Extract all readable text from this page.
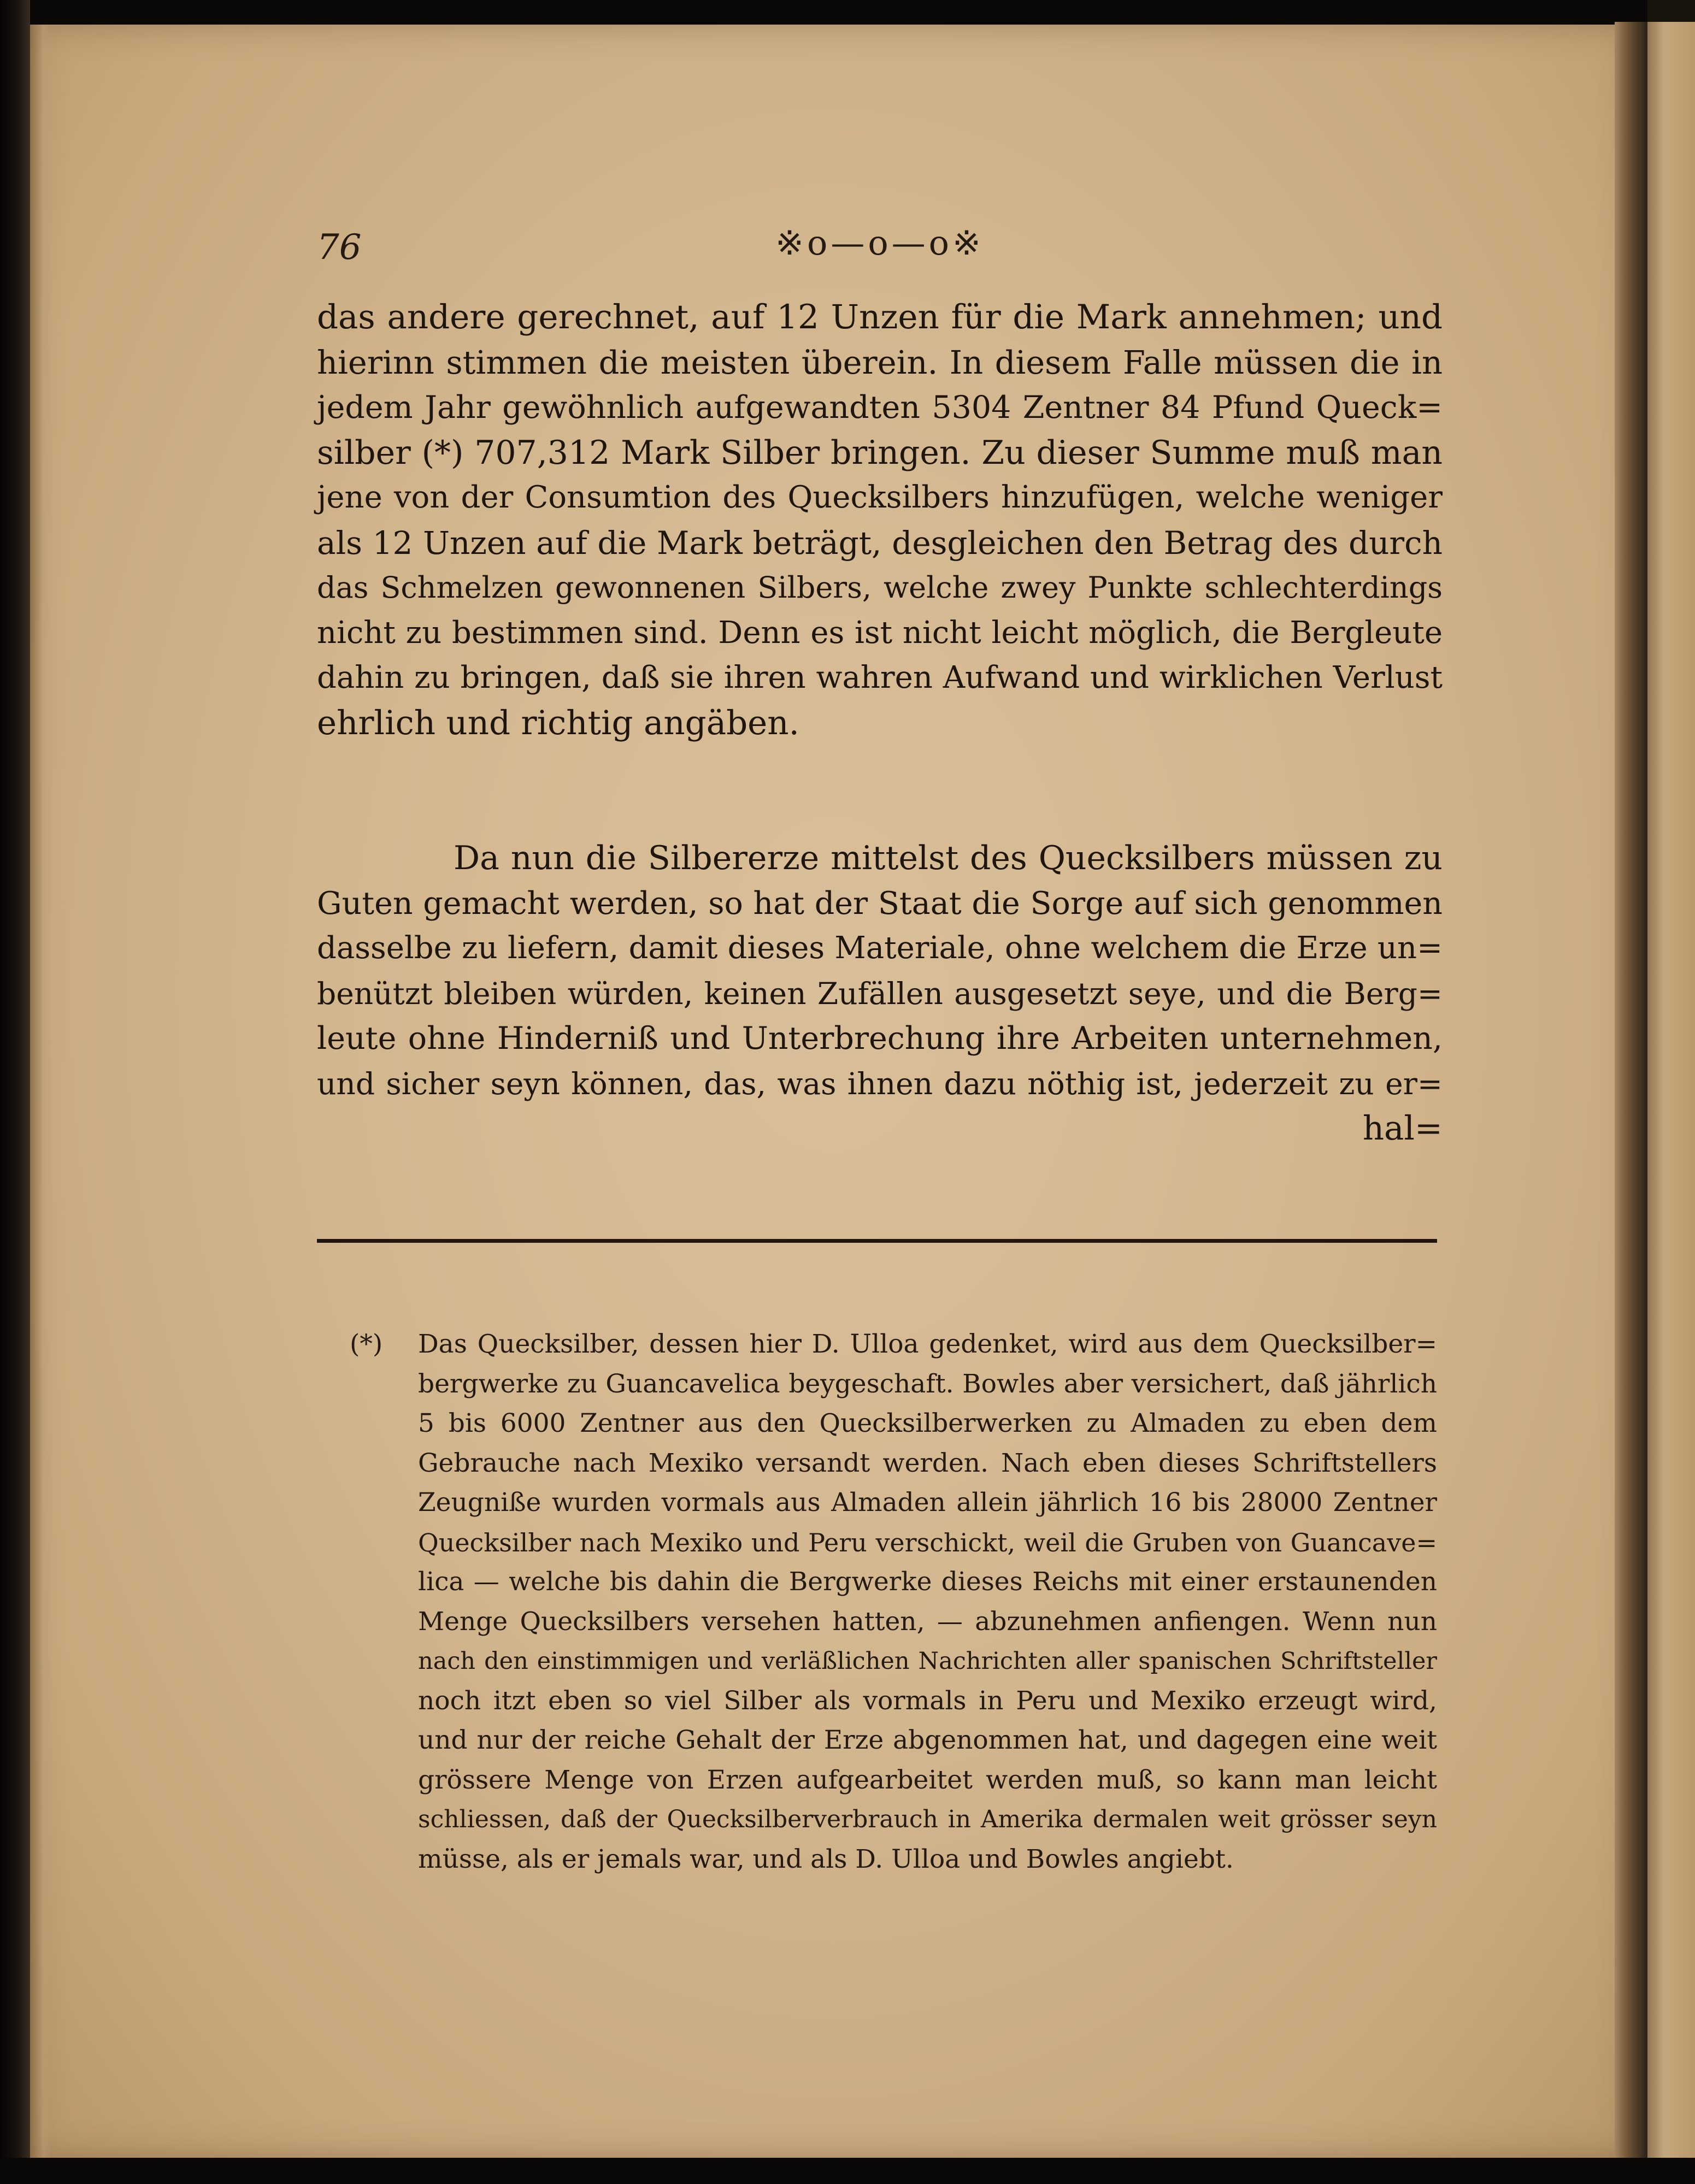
76	※o—o—o※
das andere gerechnet, auf 12 Unzen für die Mark annehmen; und
hierinn stimmen die meisten überein. In diesem Falle müssen die in
jedem Jahr gewöhnlich aufgewandten 5304 Zentner 84 Pfund Queck=
silber (*) 707,312 Mark Silber bringen. Zu dieser Summe muß man
jene von der Consumtion des Quecksilbers hinzufügen, welche weniger
als 12 Unzen auf die Mark beträgt, desgleichen den Betrag des durch
das Schmelzen gewonnenen Silbers, welche zwey Punkte schlechterdings
nicht zu bestimmen sind. Denn es ist nicht leicht möglich, die Bergleute
dahin zu bringen, daß sie ihren wahren Aufwand und wirklichen Verlust
ehrlich und richtig angäben.
Da nun die Silbererze mittelst des Quecksilbers müssen zu
Guten gemacht werden, so hat der Staat die Sorge auf sich genommen
dasselbe zu liefern, damit dieses Materiale, ohne welchem die Erze un=
benützt bleiben würden, keinen Zufällen ausgesetzt seye, und die Berg=
leute ohne Hinderniß und Unterbrechung ihre Arbeiten unternehmen,
und sicher seyn können, das, was ihnen dazu nöthig ist, jederzeit zu er=
hal=
(*) Das Quecksilber, dessen hier D. Ulloa gedenket, wird aus dem Quecksilber=
bergwerke zu Guancavelica beygeschaft. Bowles aber versichert, daß jährlich
5 bis 6000 Zentner aus den Quecksilberwerken zu Almaden zu eben dem
Gebrauche nach Mexiko versandt werden. Nach eben dieses Schriftstellers
Zeugniße wurden vormals aus Almaden allein jährlich 16 bis 28000 Zentner
Quecksilber nach Mexiko und Peru verschickt, weil die Gruben von Guancave=
lica — welche bis dahin die Bergwerke dieses Reichs mit einer erstaunenden
Menge Quecksilbers versehen hatten, — abzunehmen anfiengen. Wenn nun
nach den einstimmigen und verläßlichen Nachrichten aller spanischen Schriftsteller
noch itzt eben so viel Silber als vormals in Peru und Mexiko erzeugt wird,
und nur der reiche Gehalt der Erze abgenommen hat, und dagegen eine weit
grössere Menge von Erzen aufgearbeitet werden muß, so kann man leicht
schliessen, daß der Quecksilberverbrauch in Amerika dermalen weit grösser seyn
müsse, als er jemals war, und als D. Ulloa und Bowles angiebt.
